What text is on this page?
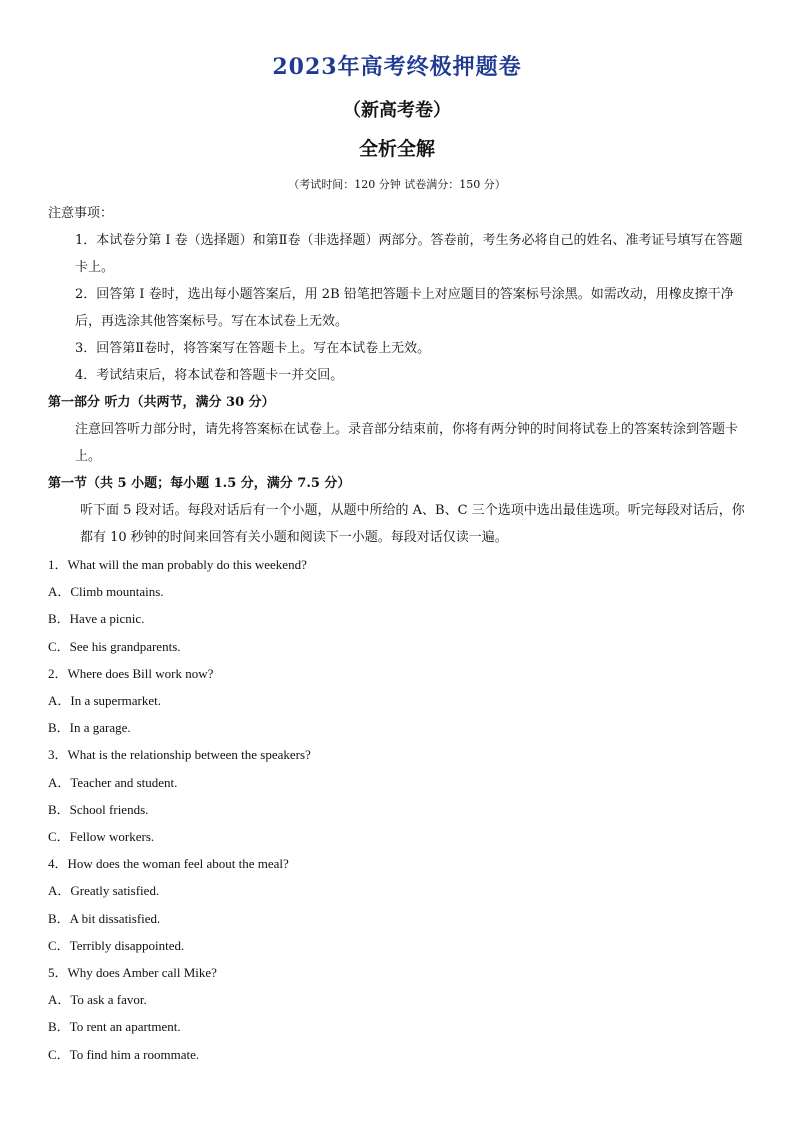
2023年高考终极押题卷
（新高考卷）
全析全解
（考试时间：120 分钟 试卷满分：150 分）
注意事项：
1．本试卷分第 I 卷（选择题）和第Ⅱ卷（非选择题）两部分。答卷前，考生务必将自己的姓名、准考证号填写在答题卡上。
2．回答第 I 卷时，选出每小题答案后，用 2B 铅笔把答题卡上对应题目的答案标号涂黑。如需改动，用橡皮擦干净后，再选涂其他答案标号。写在本试卷上无效。
3．回答第Ⅱ卷时，将答案写在答题卡上。写在本试卷上无效。
4．考试结束后，将本试卷和答题卡一并交回。
第一部分 听力（共两节，满分 30 分）
注意回答听力部分时，请先将答案标在试卷上。录音部分结束前，你将有两分钟的时间将试卷上的答案转涂到答题卡上。
第一节（共 5 小题；每小题 1.5 分，满分 7.5 分）
听下面 5 段对话。每段对话后有一个小题，从题中所给的 A、B、C 三个选项中选出最佳选项。听完每段对话后，你都有 10 秒钟的时间来回答有关小题和阅读下一小题。每段对话仅读一遍。
1．What will the man probably do this weekend?
A．Climb mountains.
B．Have a picnic.
C．See his grandparents.
2．Where does Bill work now?
A．In a supermarket.
B．In a garage.
3．What is the relationship between the speakers?
A．Teacher and student.
B．School friends.
C．Fellow workers.
4．How does the woman feel about the meal?
A．Greatly satisfied.
B．A bit dissatisfied.
C．Terribly disappointed.
5．Why does Amber call Mike?
A．To ask a favor.
B．To rent an apartment.
C．To find him a roommate.
